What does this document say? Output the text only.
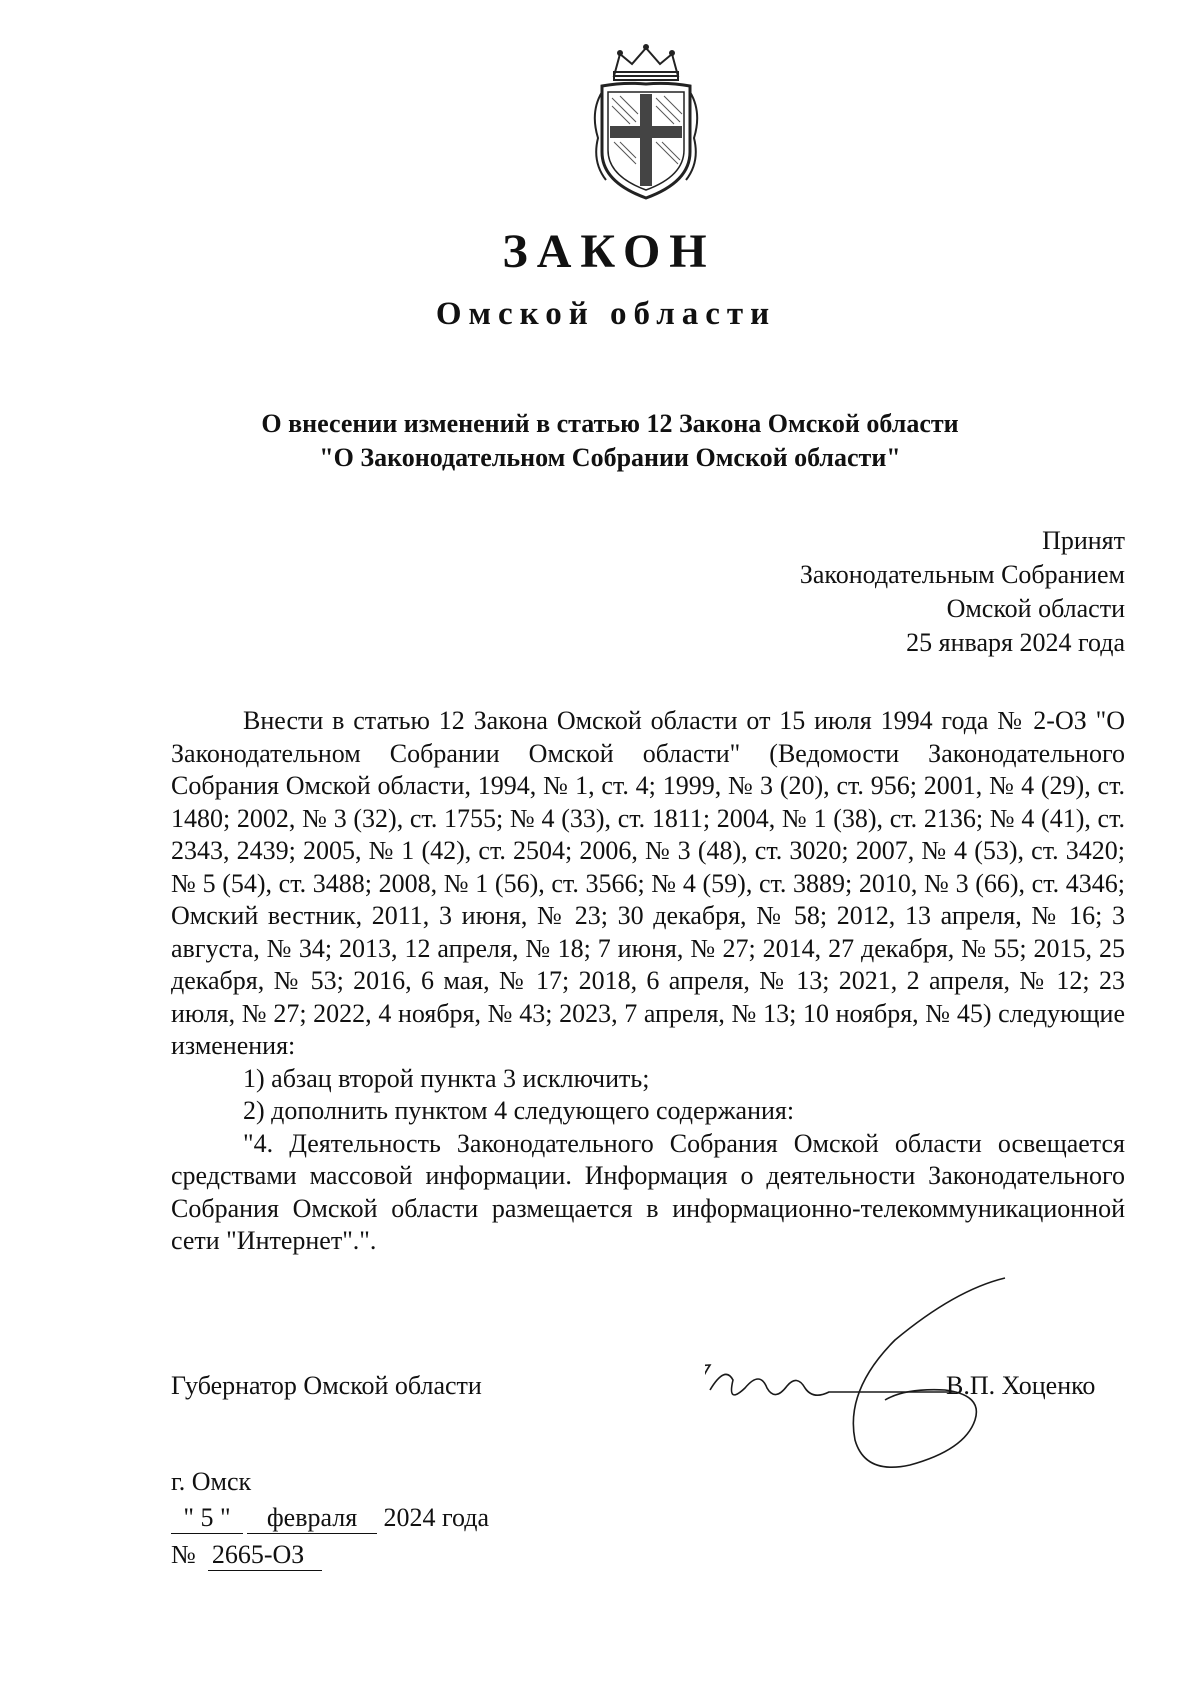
ЗАКОН
Омской области
О внесении изменений в статью 12 Закона Омской области
"О Законодательном Собрании Омской области"
Принят
Законодательным Собранием
Омской области
25 января 2024 года

Внести в статью 12 Закона Омской области от 15 июля 1994 года № 2-ОЗ "О Законодательном Собрании Омской области" (Ведомости Законодательного Собрания Омской области, 1994, № 1, ст. 4; 1999, № 3 (20), ст. 956; 2001, № 4 (29), ст. 1480; 2002, № 3 (32), ст. 1755; № 4 (33), ст. 1811; 2004, № 1 (38), ст. 2136; № 4 (41), ст. 2343, 2439; 2005, № 1 (42), ст. 2504; 2006, № 3 (48), ст. 3020; 2007, № 4 (53), ст. 3420; № 5 (54), ст. 3488; 2008, № 1 (56), ст. 3566; № 4 (59), ст. 3889; 2010, № 3 (66), ст. 4346; Омский вестник, 2011, 3 июня, № 23; 30 декабря, № 58; 2012, 13 апреля, № 16; 3 августа, № 34; 2013, 12 апреля, № 18; 7 июня, № 27; 2014, 27 декабря, № 55; 2015, 25 декабря, № 53; 2016, 6 мая, № 17; 2018, 6 апреля, № 13; 2021, 2 апреля, № 12; 23 июля, № 27; 2022, 4 ноября, № 43; 2023, 7 апреля, № 13; 10 ноября, № 45) следующие изменения:

1) абзац второй пункта 3 исключить;

2) дополнить пунктом 4 следующего содержания:

"4. Деятельность Законодательного Собрания Омской области освещается средствами массовой информации. Информация о деятельности Законодательного Собрания Омской области размещается в информационно-телекоммуникационной сети "Интернет".".

Губернатор Омской области	В.П. Хоценко
г. Омск
" 5 " февраля 2024 года
№ 2665-ОЗ
